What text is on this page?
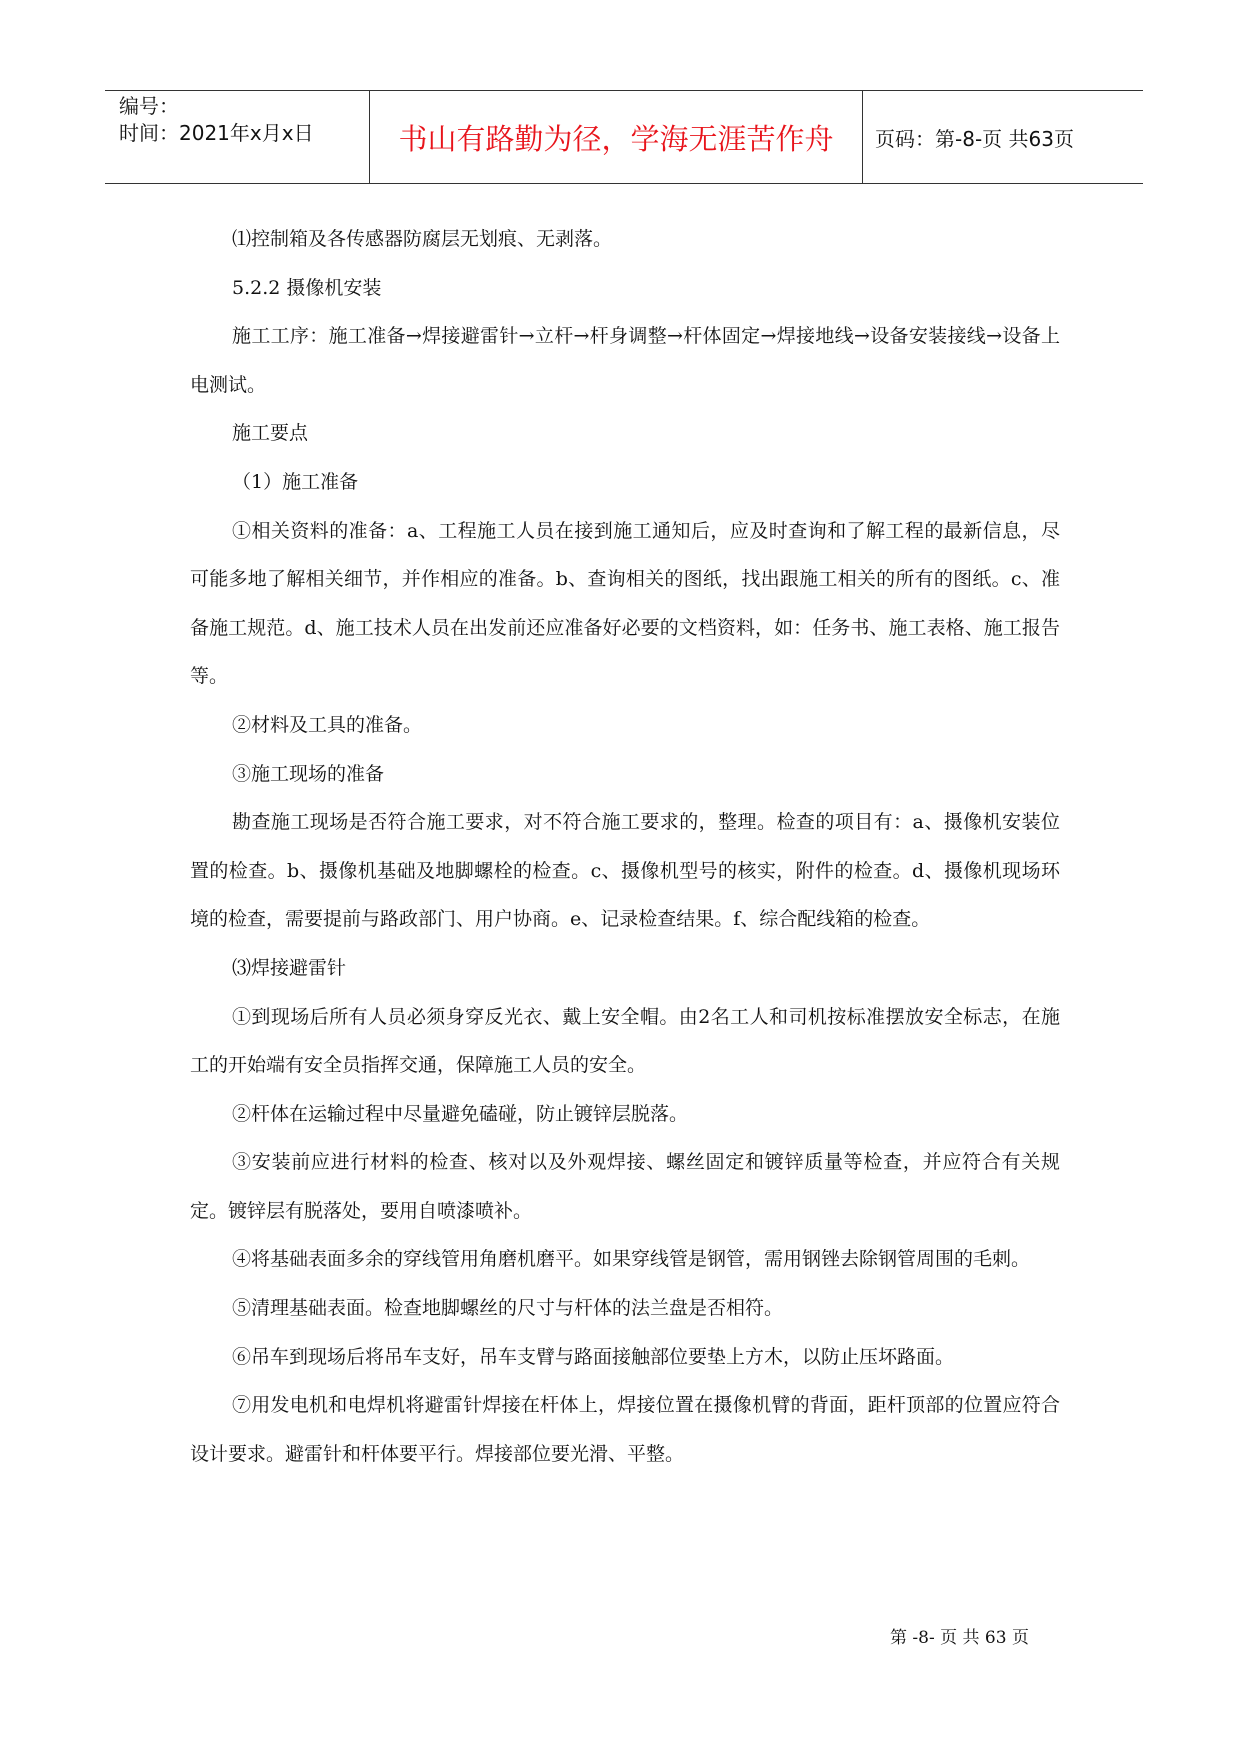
编号：
时间：2021年x月x日	书山有路勤为径，学海无涯苦作舟	页码：第-8-页 共63页

⑴控制箱及各传感器防腐层无划痕、无剥落。

5.2.2 摄像机安装

施工工序：施工准备→焊接避雷针→立杆→杆身调整→杆体固定→焊接地线→设备安装接线→设备上电测试。

施工要点

（1）施工准备

①相关资料的准备：a、工程施工人员在接到施工通知后，应及时查询和了解工程的最新信息，尽可能多地了解相关细节，并作相应的准备。b、查询相关的图纸，找出跟施工相关的所有的图纸。c、准备施工规范。d、施工技术人员在出发前还应准备好必要的文档资料，如：任务书、施工表格、施工报告等。

②材料及工具的准备。

③施工现场的准备

勘查施工现场是否符合施工要求，对不符合施工要求的，整理。检查的项目有：a、摄像机安装位置的检查。b、摄像机基础及地脚螺栓的检查。c、摄像机型号的核实，附件的检查。d、摄像机现场环境的检查，需要提前与路政部门、用户协商。e、记录检查结果。f、综合配线箱的检查。

⑶焊接避雷针

①到现场后所有人员必须身穿反光衣、戴上安全帽。由2名工人和司机按标准摆放安全标志，在施工的开始端有安全员指挥交通，保障施工人员的安全。

②杆体在运输过程中尽量避免磕碰，防止镀锌层脱落。

③安装前应进行材料的检查、核对以及外观焊接、螺丝固定和镀锌质量等检查，并应符合有关规定。镀锌层有脱落处，要用自喷漆喷补。

④将基础表面多余的穿线管用角磨机磨平。如果穿线管是钢管，需用钢锉去除钢管周围的毛刺。

⑤清理基础表面。检查地脚螺丝的尺寸与杆体的法兰盘是否相符。

⑥吊车到现场后将吊车支好，吊车支臂与路面接触部位要垫上方木，以防止压坏路面。

⑦用发电机和电焊机将避雷针焊接在杆体上，焊接位置在摄像机臂的背面，距杆顶部的位置应符合设计要求。避雷针和杆体要平行。焊接部位要光滑、平整。

第 -8- 页 共 63 页
